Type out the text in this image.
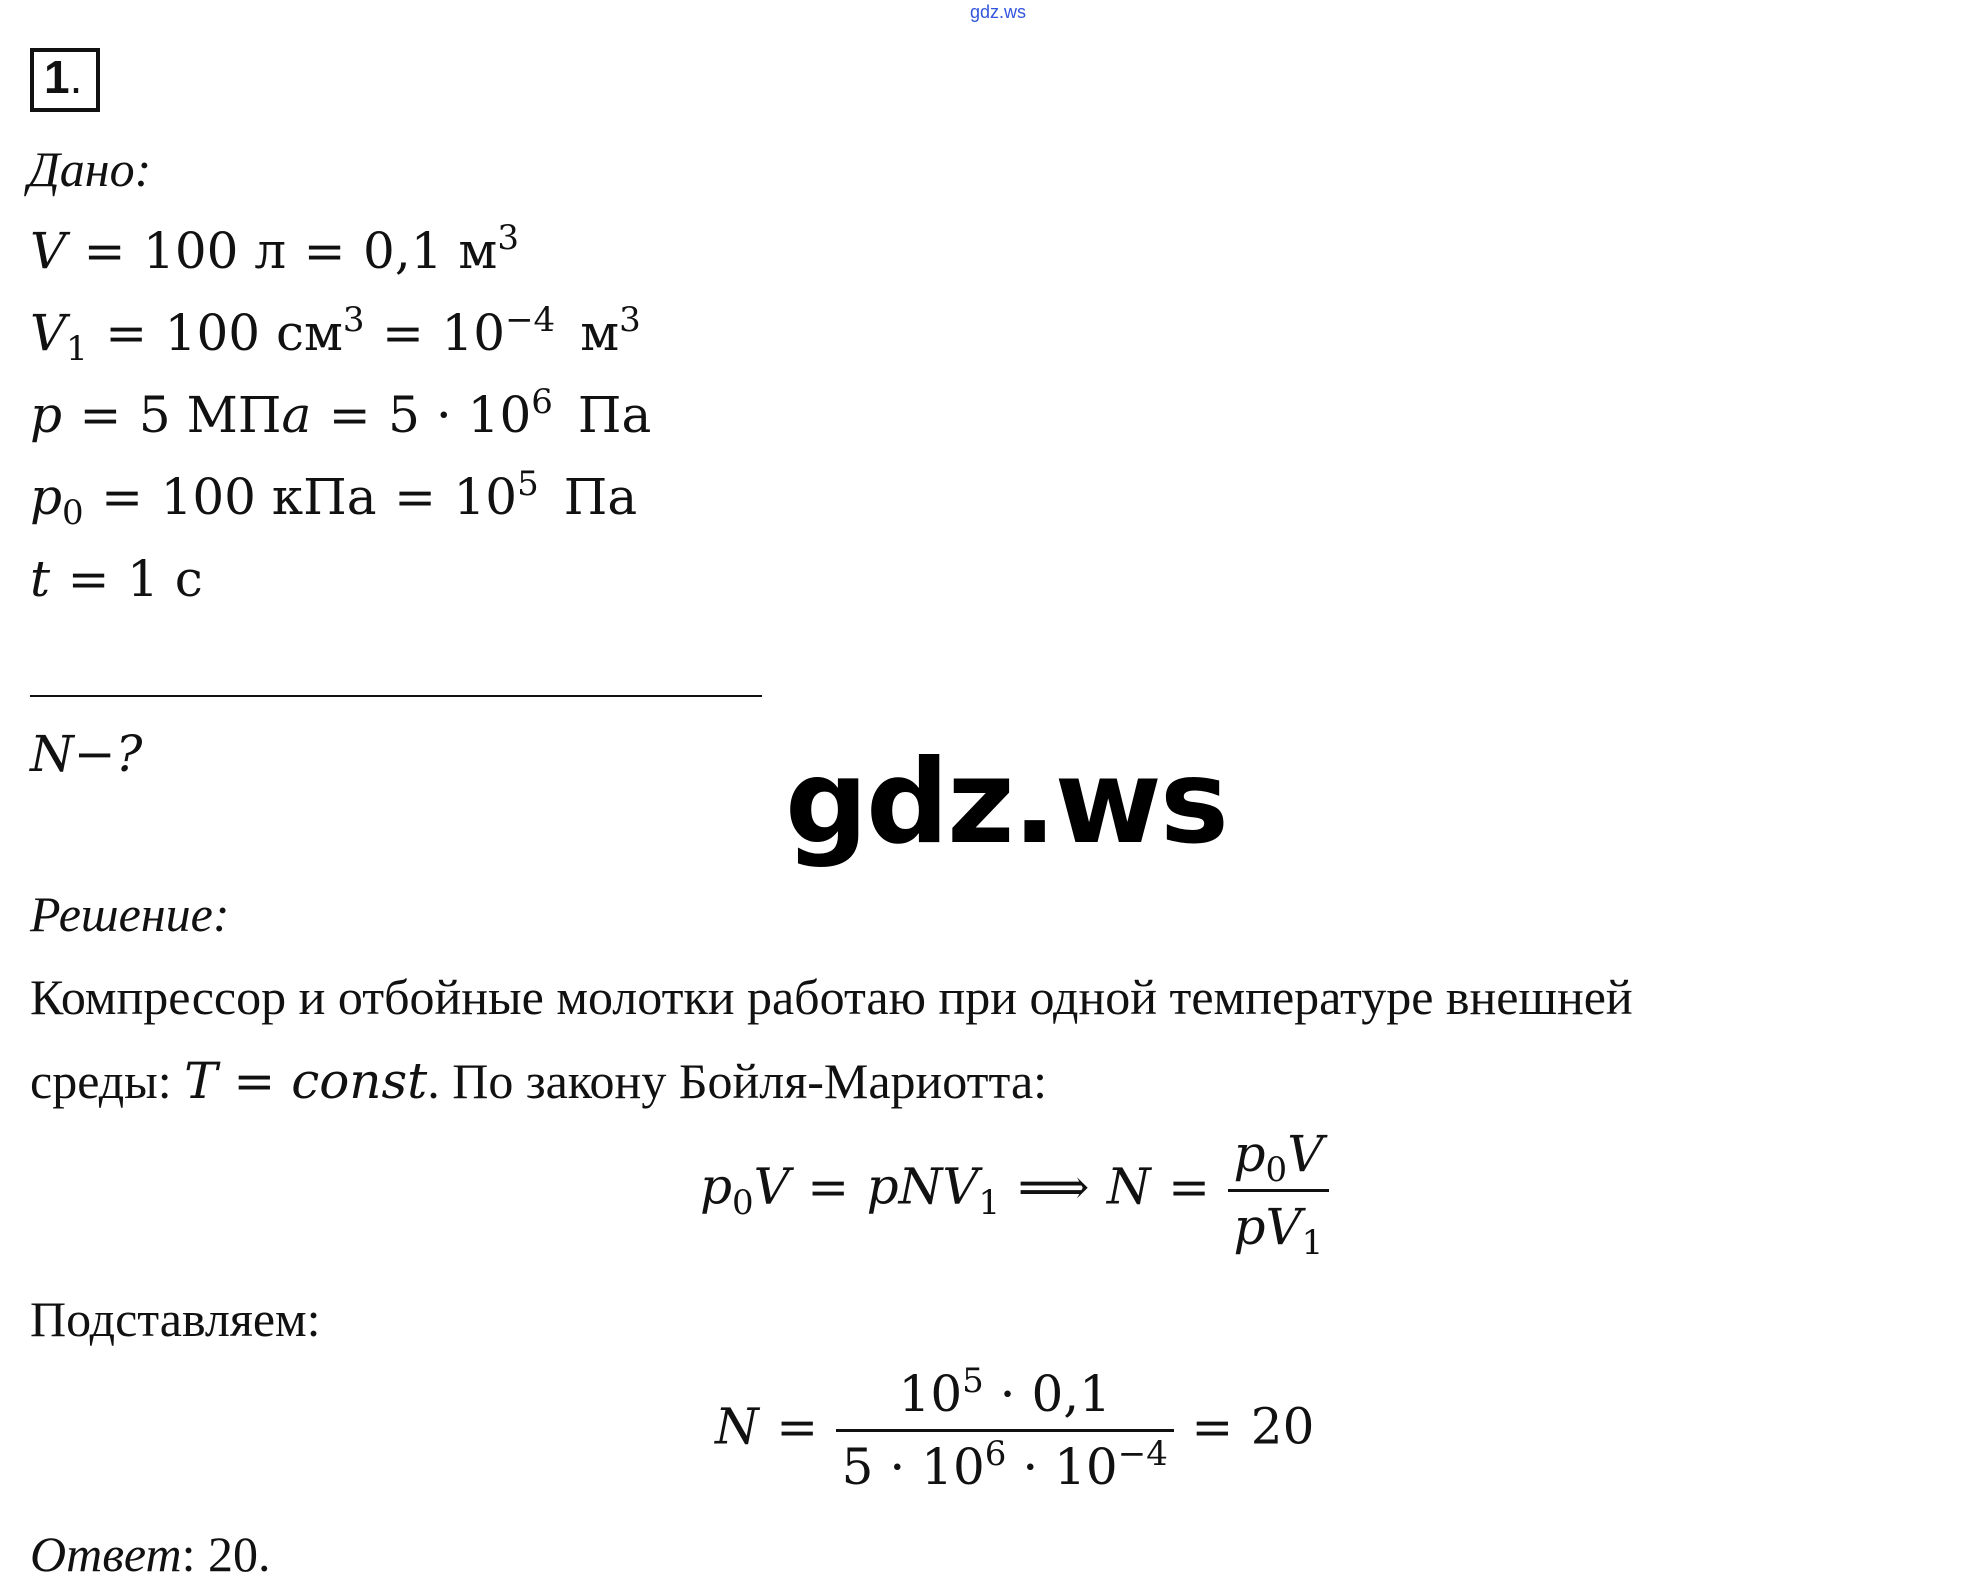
gdz.ws
1.
Дано:
V = 100 л = 0,1 $м^3$
$V_1 = 100$ $см^3 = 10^{-4}$ $м^3$
p = 5 МПa = $5 \cdot 10^6$ Па
$p_0 = 100$ кПа = $10^5$ Па
t = 1 с
N−?	gdz.ws
Решение:
Компрессор и отбойные молотки работаю при одной температуре внешней
среды: T = const. По закону Бойля-Мариотта:
$p_0V = pNV_1$ ⟹ $N = \frac{p_0V}{pV_1}$
Подставляем:
$N = \frac{10^5 \cdot 0,1}{5 \cdot 10^6 \cdot 10^{-4}} = 20$
Ответ: 20.
